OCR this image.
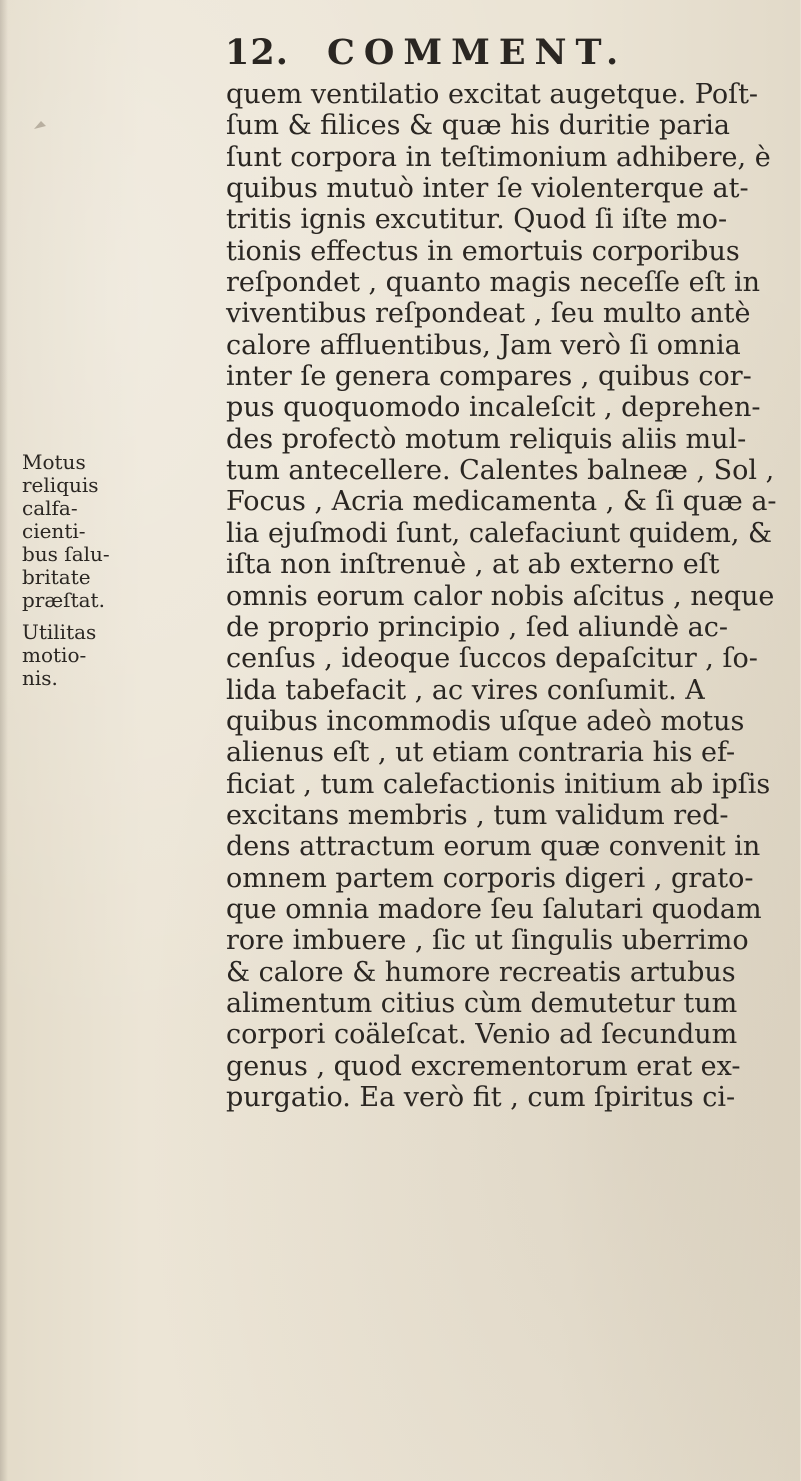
12. COMMENT.
quem ventilatio excitat augetque. Poſt-
ſum & filices & quæ his duritie paria
ſunt corpora in teſtimonium adhibere, è
quibus mutuò inter ſe violenterque at-
tritis ignis excutitur. Quod ſi iſte mo-
tionis effectus in emortuis corporibus
reſpondet , quanto magis neceſſe eſt in
viventibus reſpondeat , ſeu multo antè
calore affluentibus, Jam verò ſi omnia
inter ſe genera compares , quibus cor-
pus quoquomodo incaleſcit , deprehen-
des profectò motum reliquis aliis mul-
tum antecellere. Calentes balneæ , Sol ,
Focus , Acria medicamenta , & ſi quæ a-
lia ejuſmodi ſunt, calefaciunt quidem, &
iſta non inſtrenuè , at ab externo eſt
omnis eorum calor nobis aſcitus , neque
de proprio principio , ſed aliundè ac-
cenſus , ideoque ſuccos depaſcitur , ſo-
lida tabefacit , ac vires conſumit. A
quibus incommodis uſque adeò motus
alienus eſt , ut etiam contraria his ef-
ficiat , tum calefactionis initium ab ipſis
excitans membris , tum validum red-
dens attractum eorum quæ convenit in
omnem partem corporis digeri , grato-
que omnia madore ſeu ſalutari quodam
rore imbuere , ſic ut ſingulis uberrimo
& calore & humore recreatis artubus
alimentum citius cùm demutetur tum
corpori coäleſcat. Venio ad ſecundum
genus , quod excrementorum erat ex-
purgatio. Ea verò fit , cum ſpiritus ci-
Motus
reliquis
calfa-
cienti-
bus ſalu-
britate
præſtat.
Utilitas
motio-
nis.
